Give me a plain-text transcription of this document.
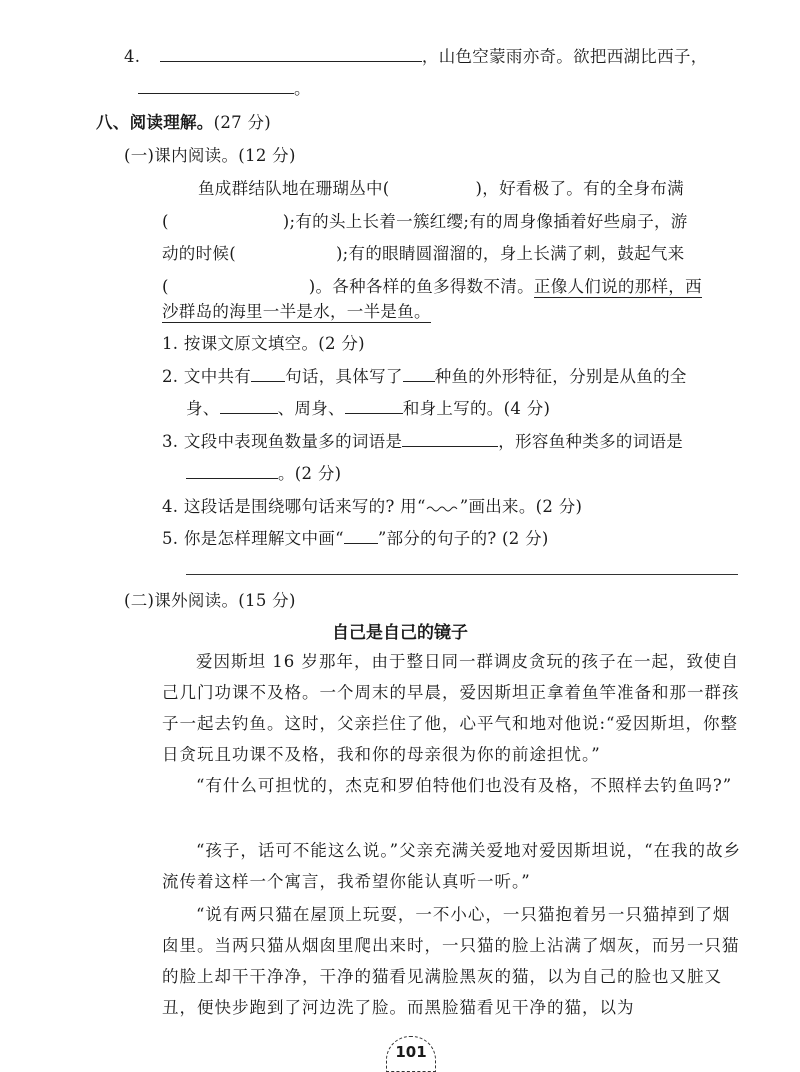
4.	，山色空蒙雨亦奇。欲把西湖比西子，
。
八、阅读理解。(27 分)
(一)课内阅读。(12 分)
鱼成群结队地在珊瑚丛中(	)，好看极了。有的全身布满
(	);有的头上长着一簇红缨;有的周身像插着好些扇子，游
动的时候(	);有的眼睛圆溜溜的，身上长满了刺，鼓起气来
(	)。各种各样的鱼多得数不清。正像人们说的那样，西
沙群岛的海里一半是水，一半是鱼。
1. 按课文原文填空。(2 分)
2. 文中共有 句话，具体写了 种鱼的外形特征，分别是从鱼的全
身、	、周身、	和身上写的。(4 分)
3. 文段中表现鱼数量多的词语是	，形容鱼种类多的词语是
。(2 分)
4. 这段话是围绕哪句话来写的? 用“ ”画出来。(2 分)
5. 你是怎样理解文中画“ ”部分的句子的? (2 分)
(二)课外阅读。(15 分)
自己是自己的镜子
爱因斯坦 16 岁那年，由于整日同一群调皮贪玩的孩子在一起，致使自己几门功课不及格。一个周末的早晨，爱因斯坦正拿着鱼竿准备和那一群孩子一起去钓鱼。这时，父亲拦住了他，心平气和地对他说:“爱因斯坦，你整日贪玩且功课不及格，我和你的母亲很为你的前途担忧。”
“有什么可担忧的，杰克和罗伯特他们也没有及格，不照样去钓鱼吗?”
“孩子，话可不能这么说。”父亲充满关爱地对爱因斯坦说，“在我的故乡流传着这样一个寓言，我希望你能认真听一听。”
“说有两只猫在屋顶上玩耍，一不小心，一只猫抱着另一只猫掉到了烟囱里。当两只猫从烟囱里爬出来时，一只猫的脸上沾满了烟灰，而另一只猫的脸上却干干净净，干净的猫看见满脸黑灰的猫，以为自己的脸也又脏又丑，便快步跑到了河边洗了脸。而黑脸猫看见干净的猫，以为
101
